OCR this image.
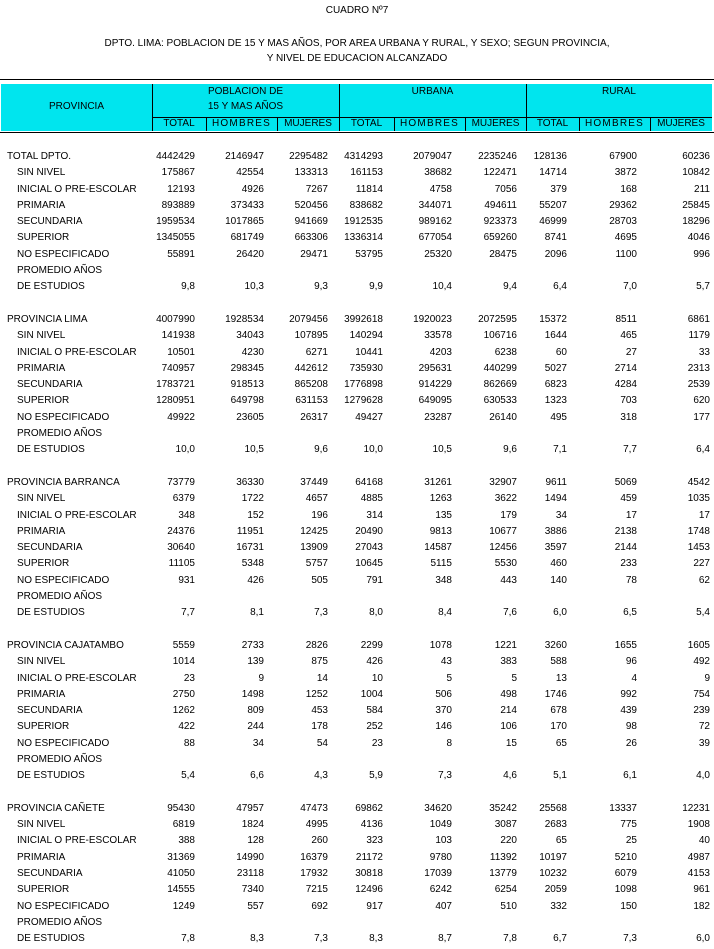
CUADRO Nº7
DPTO. LIMA: POBLACION DE 15 Y MAS AÑOS, POR AREA URBANA Y RURAL, Y SEXO; SEGUN PROVINCIA,
Y NIVEL DE EDUCACION ALCANZADO
PROVINCIA
POBLACION DE
15 Y MAS AÑOS
URBANA	RURAL
TOTAL	HOMBRES	MUJERES	TOTAL	HOMBRES	MUJERES	TOTAL	HOMBRES	MUJERES
TOTAL DPTO.	4442429	2146947	2295482 4314293	2079047	2235246 128136	67900	60236
SIN NIVEL	175867	42554	133313 161153	38682	122471 14714	3872	10842
INICIAL O PRE-ESCOLAR	12193	4926	7267	11814	4758	7056	379	168	211
PRIMARIA	893889	373433	520456 838682	344071	494611 55207	29362	25845
SECUNDARIA	1959534	1017865	941669 1912535	989162	923373 46999	28703	18296
SUPERIOR	1345055	681749	663306 1336314	677054	659260	8741	4695	4046
NO ESPECIFICADO	55891	26420	29471	53795	25320	28475	2096	1100	996
PROMEDIO AÑOS
DE ESTUDIOS	9,8	10,3	9,3	9,9	10,4	9,4	6,4	7,0	5,7
PROVINCIA LIMA	4007990	1928534	2079456 3992618	1920023	2072595 15372	8511	6861
SIN NIVEL	141938	34043	107895 140294	33578	106716	1644	465	1179
INICIAL O PRE-ESCOLAR	10501	4230	6271	10441	4203	6238	60	27	33
PRIMARIA	740957	298345	442612 735930	295631	440299	5027	2714	2313
SECUNDARIA	1783721	918513	865208 1776898	914229	862669	6823	4284	2539
SUPERIOR	1280951	649798	631153 1279628	649095	630533	1323	703	620
NO ESPECIFICADO	49922	23605	26317	49427	23287	26140	495	318	177
PROMEDIO AÑOS
DE ESTUDIOS	10,0	10,5	9,6	10,0	10,5	9,6	7,1	7,7	6,4
PROVINCIA BARRANCA	73779	36330	37449	64168	31261	32907	9611	5069	4542
SIN NIVEL	6379	1722	4657	4885	1263	3622	1494	459	1035
INICIAL O PRE-ESCOLAR	348	152	196	314	135	179	34	17	17
PRIMARIA	24376	11951	12425	20490	9813	10677	3886	2138	1748
SECUNDARIA	30640	16731	13909	27043	14587	12456	3597	2144	1453
SUPERIOR	11105	5348	5757	10645	5115	5530	460	233	227
NO ESPECIFICADO	931	426	505	791	348	443	140	78	62
PROMEDIO AÑOS
DE ESTUDIOS	7,7	8,1	7,3	8,0	8,4	7,6	6,0	6,5	5,4
PROVINCIA CAJATAMBO	5559	2733	2826	2299	1078	1221	3260	1655	1605
SIN NIVEL	1014	139	875	426	43	383	588	96	492
INICIAL O PRE-ESCOLAR	23	9	14	10	5	5	13	4	9
PRIMARIA	2750	1498	1252	1004	506	498	1746	992	754
SECUNDARIA	1262	809	453	584	370	214	678	439	239
SUPERIOR	422	244	178	252	146	106	170	98	72
NO ESPECIFICADO	88	34	54	23	8	15	65	26	39
PROMEDIO AÑOS
DE ESTUDIOS	5,4	6,6	4,3	5,9	7,3	4,6	5,1	6,1	4,0
PROVINCIA CAÑETE	95430	47957	47473	69862	34620	35242 25568	13337	12231
SIN NIVEL	6819	1824	4995	4136	1049	3087	2683	775	1908
INICIAL O PRE-ESCOLAR	388	128	260	323	103	220	65	25	40
PRIMARIA	31369	14990	16379	21172	9780	11392 10197	5210	4987
SECUNDARIA	41050	23118	17932	30818	17039	13779 10232	6079	4153
SUPERIOR	14555	7340	7215	12496	6242	6254	2059	1098	961
NO ESPECIFICADO	1249	557	692	917	407	510	332	150	182
PROMEDIO AÑOS
DE ESTUDIOS	7,8	8,3	7,3	8,3	8,7	7,8	6,7	7,3	6,0
